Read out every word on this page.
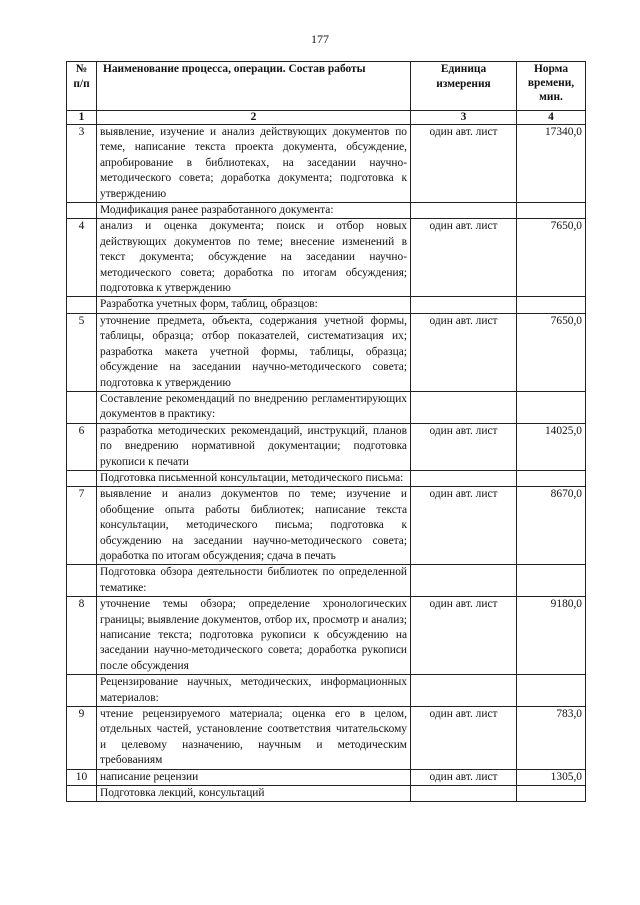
177
№ п/п	Наименование процесса, операции. Состав работы	Единица измерения	Норма времени, мин.
1	2	3	4
3	выявление, изучение и анализ действующих документов по теме, написание текста проекта документа, обсуждение, апробирование в библиотеках, на заседании научно-методического совета; доработка документа; подготовка к утверждению	один авт. лист	17340,0
	Модификация ранее разработанного документа:		
4	анализ и оценка документа; поиск и отбор новых действующих документов по теме; внесение изменений в текст документа; обсуждение на заседании научно-методического совета; доработка по итогам обсуждения; подготовка к утверждению	один авт. лист	7650,0
	Разработка учетных форм, таблиц, образцов:		
5	уточнение предмета, объекта, содержания учетной формы, таблицы, образца; отбор показателей, систематизация их; разработка макета учетной формы, таблицы, образца; обсуждение на заседании научно-методического совета; подготовка к утверждению	один авт. лист	7650,0
	Составление рекомендаций по внедрению регламентирующих документов в практику:		
6	разработка методических рекомендаций, инструкций, планов по внедрению нормативной документации; подготовка рукописи к печати	один авт. лист	14025,0
	Подготовка письменной консультации, методического письма:		
7	выявление и анализ документов по теме; изучение и обобщение опыта работы библиотек; написание текста консультации, методического письма; подготовка к обсуждению на заседании научно-методического совета; доработка по итогам обсуждения; сдача в печать	один авт. лист	8670,0
	Подготовка обзора деятельности библиотек по определенной тематике:		
8	уточнение темы обзора; определение хронологических границы; выявление документов, отбор их, просмотр и анализ; написание текста; подготовка рукописи к обсуждению на заседании научно-методического совета; доработка рукописи после обсуждения	один авт. лист	9180,0
	Рецензирование научных, методических, информационных материалов:		
9	чтение рецензируемого материала; оценка его в целом, отдельных частей, установление соответствия читательскому и целевому назначению, научным и методическим требованиям	один авт. лист	783,0
10	написание рецензии	один авт. лист	1305,0
	Подготовка лекций, консультаций		
